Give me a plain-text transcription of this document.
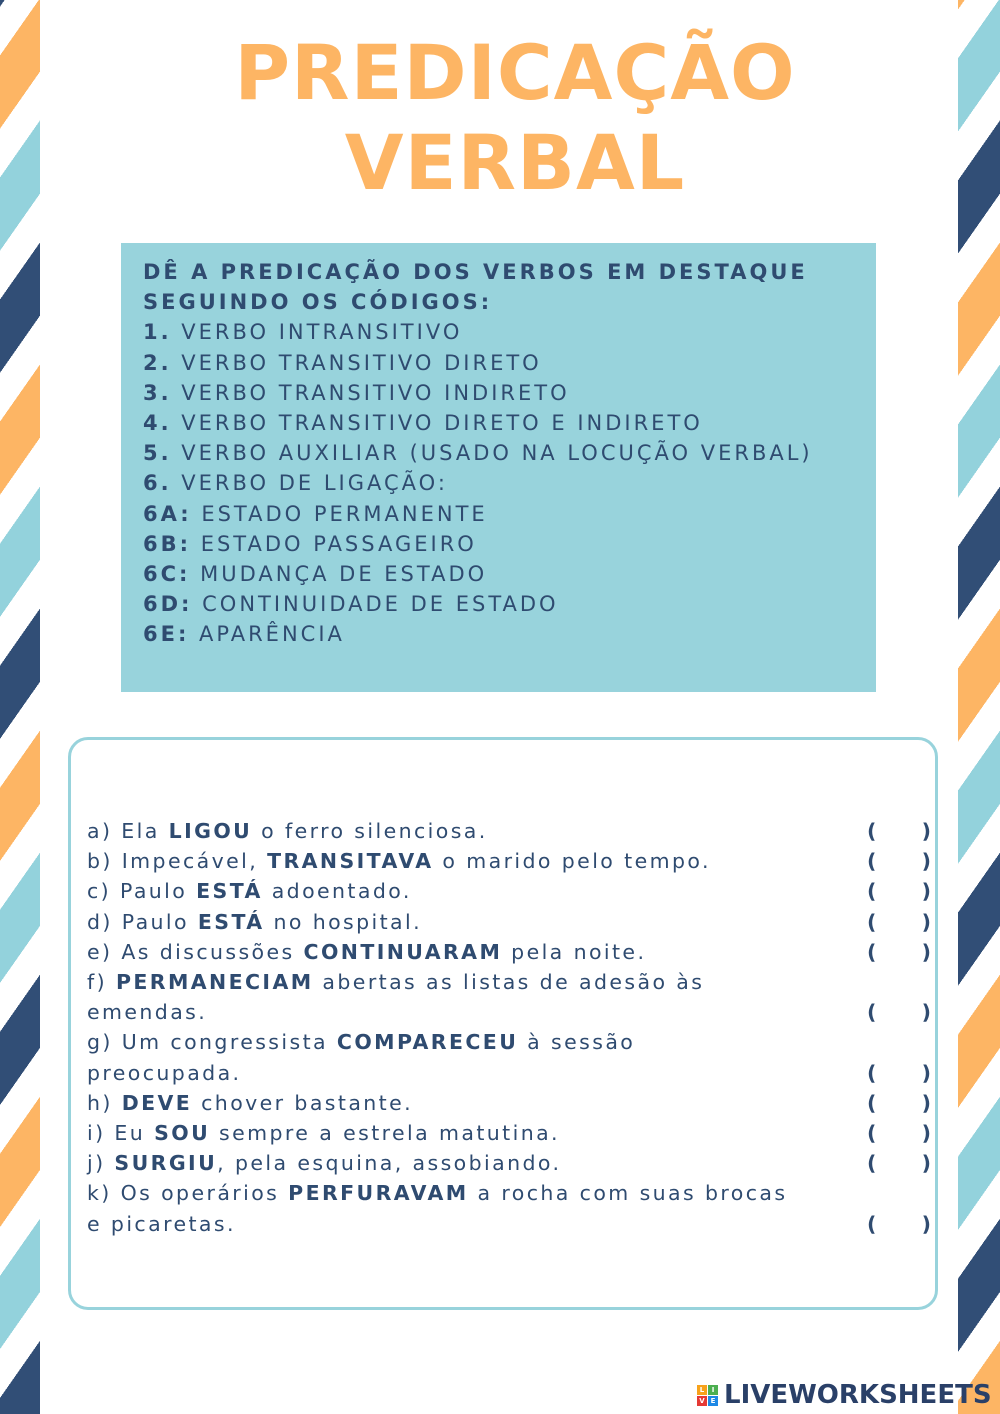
PREDICAÇÃO
VERBAL
DÊ A PREDICAÇÃO DOS VERBOS EM DESTAQUE
SEGUINDO OS CÓDIGOS:
1. VERBO INTRANSITIVO
2. VERBO TRANSITIVO DIRETO
3. VERBO TRANSITIVO INDIRETO
4. VERBO TRANSITIVO DIRETO E INDIRETO
5. VERBO AUXILIAR (USADO NA LOCUÇÃO VERBAL)
6. VERBO DE LIGAÇÃO:
6A: ESTADO PERMANENTE
6B: ESTADO PASSAGEIRO
6C: MUDANÇA DE ESTADO
6D: CONTINUIDADE DE ESTADO
6E: APARÊNCIA
a) Ela LIGOU o ferro silenciosa.	( )
b) Impecável, TRANSITAVA o marido pelo tempo.	( )
c) Paulo ESTÁ adoentado.	( )
d) Paulo ESTÁ no hospital.	( )
e) As discussões CONTINUARAM pela noite.	( )
f) PERMANECIAM abertas as listas de adesão às emendas.	( )
g) Um congressista COMPARECEU à sessão preocupada.	( )
h) DEVE chover bastante.	( )
i) Eu SOU sempre a estrela matutina.	( )
j) SURGIU, pela esquina, assobiando.	( )
k) Os operários PERFURAVAM a rocha com suas brocas e picaretas.	( )
L	I
V E LIVEWORKSHEETS
